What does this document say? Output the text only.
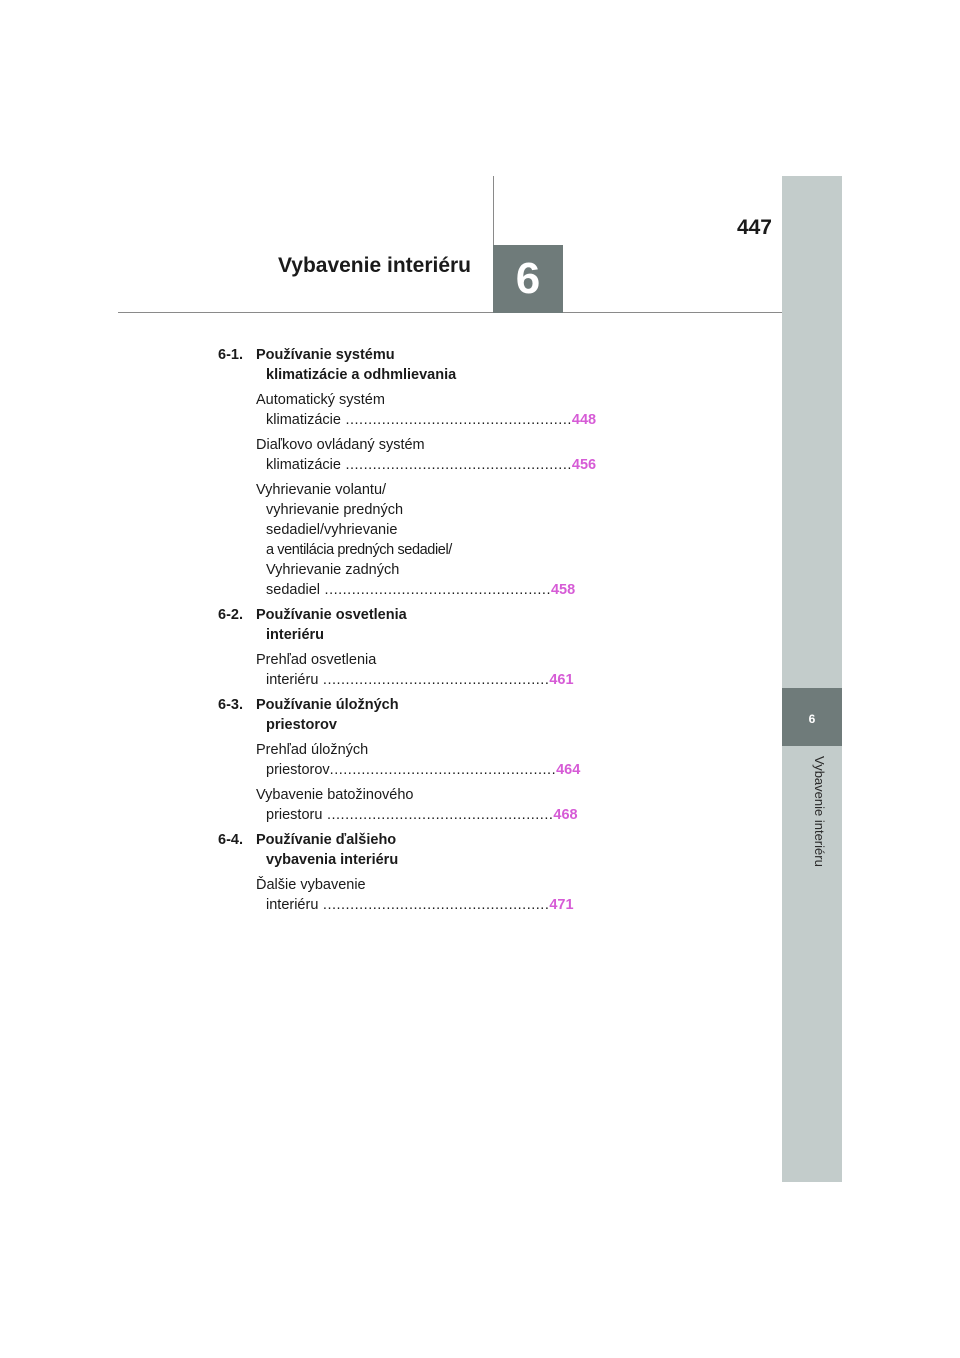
6
Vybavenie interiéru
447
Vybavenie interiéru	6
6-1. Používanie systému
klimatizácie a odhmlievania
Automatický systém
klimatizácie .................................................. 448
Diaľkovo ovládaný systém
klimatizácie .................................................. 456
Vyhrievanie volantu/
vyhrievanie predných
sedadiel/vyhrievanie
a ventilácia predných sedadiel/
Vyhrievanie zadných
sedadiel .................................................. 458
6-2. Používanie osvetlenia
interiéru
Prehľad osvetlenia
interiéru .................................................. 461
6-3. Používanie úložných
priestorov
Prehľad úložných
priestorov .................................................. 464
Vybavenie batožinového
priestoru .................................................. 468
6-4. Používanie ďalšieho
vybavenia interiéru
Ďalšie vybavenie
interiéru .................................................. 471
